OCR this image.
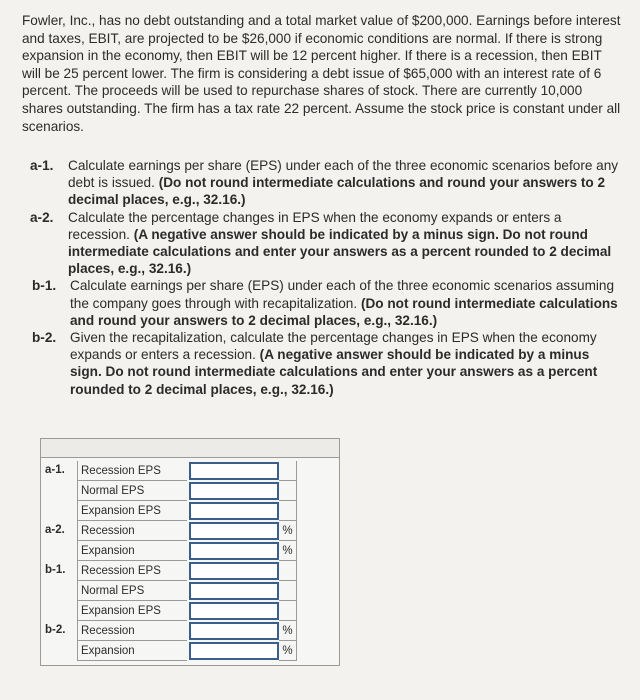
Fowler, Inc., has no debt outstanding and a total market value of $200,000. Earnings before interest and taxes, EBIT, are projected to be $26,000 if economic conditions are normal. If there is strong expansion in the economy, then EBIT will be 12 percent higher. If there is a recession, then EBIT will be 25 percent lower. The firm is considering a debt issue of $65,000 with an interest rate of 6 percent. The proceeds will be used to repurchase shares of stock. There are currently 10,000 shares outstanding. The firm has a tax rate 22 percent. Assume the stock price is constant under all scenarios.

a-1.	Calculate earnings per share (EPS) under each of the three economic scenarios before any debt is issued. (Do not round intermediate calculations and round your answers to 2 decimal places, e.g., 32.16.)
a-2.	Calculate the percentage changes in EPS when the economy expands or enters a recession. (A negative answer should be indicated by a minus sign. Do not round intermediate calculations and enter your answers as a percent rounded to 2 decimal places, e.g., 32.16.)
b-1.	Calculate earnings per share (EPS) under each of the three economic scenarios assuming the company goes through with recapitalization. (Do not round intermediate calculations and round your answers to 2 decimal places, e.g., 32.16.)
b-2.	Given the recapitalization, calculate the percentage changes in EPS when the economy expands or enters a recession. (A negative answer should be indicated by a minus sign. Do not round intermediate calculations and enter your answers as a percent rounded to 2 decimal places, e.g., 32.16.)
a-1.	Recession EPS
Normal EPS
Expansion EPS
a-2.	Recession	%
Expansion	%
b-1.	Recession EPS
Normal EPS
Expansion EPS
b-2.	Recession	%
Expansion	%
